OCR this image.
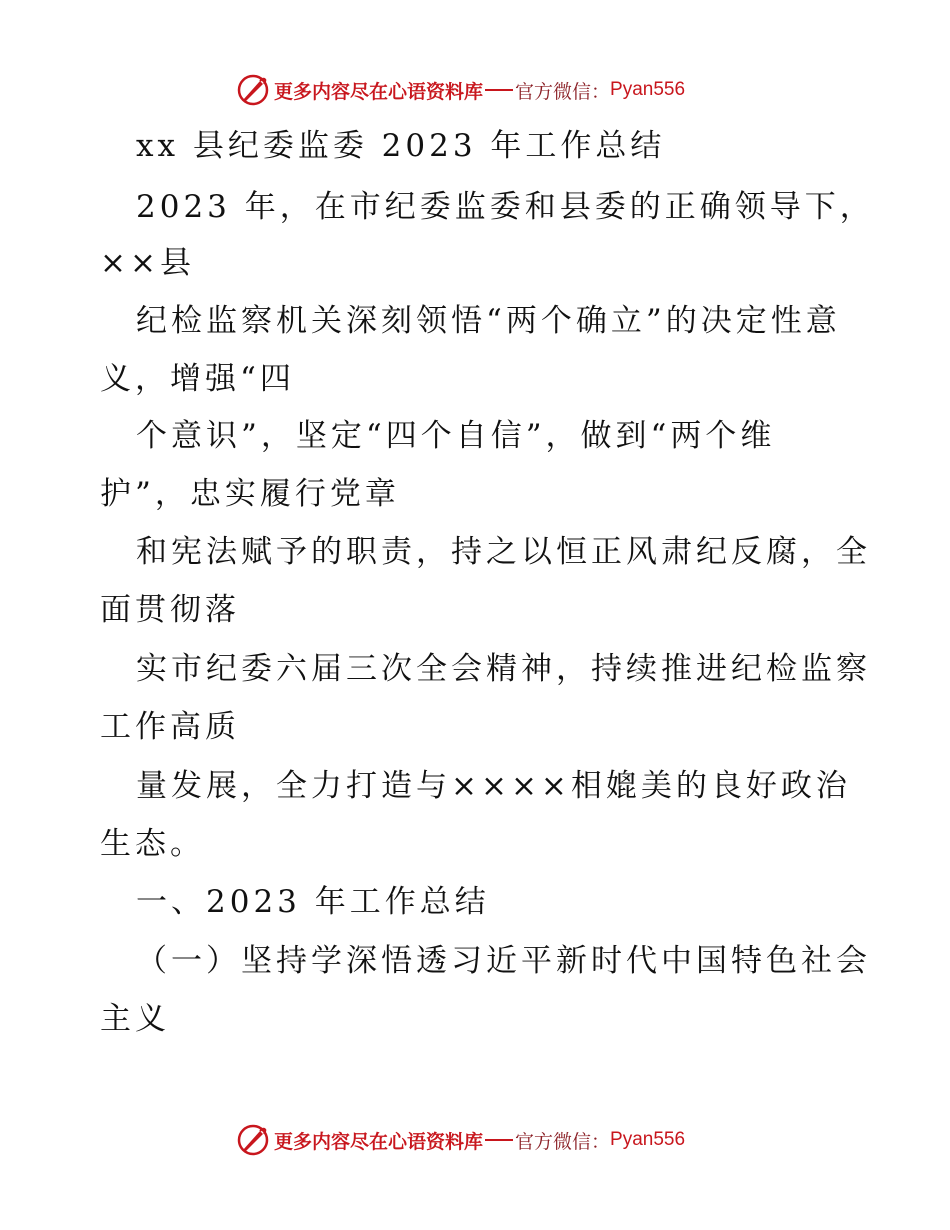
更多内容尽在心语资料库 官方微信： Pyan556
xx 县纪委监委 2023 年工作总结
2023 年，在市纪委监委和县委的正确领导下，
××县
纪检监察机关深刻领悟“两个确立”的决定性意
义，增强“四
个意识”，坚定“四个自信”，做到“两个维
护”，忠实履行党章
和宪法赋予的职责，持之以恒正风肃纪反腐，全
面贯彻落
实市纪委六届三次全会精神，持续推进纪检监察
工作高质
量发展，全力打造与××××相媲美的良好政治
生态。
一、2023 年工作总结
（一）坚持学深悟透习近平新时代中国特色社会
主义
更多内容尽在心语资料库 官方微信： Pyan556
